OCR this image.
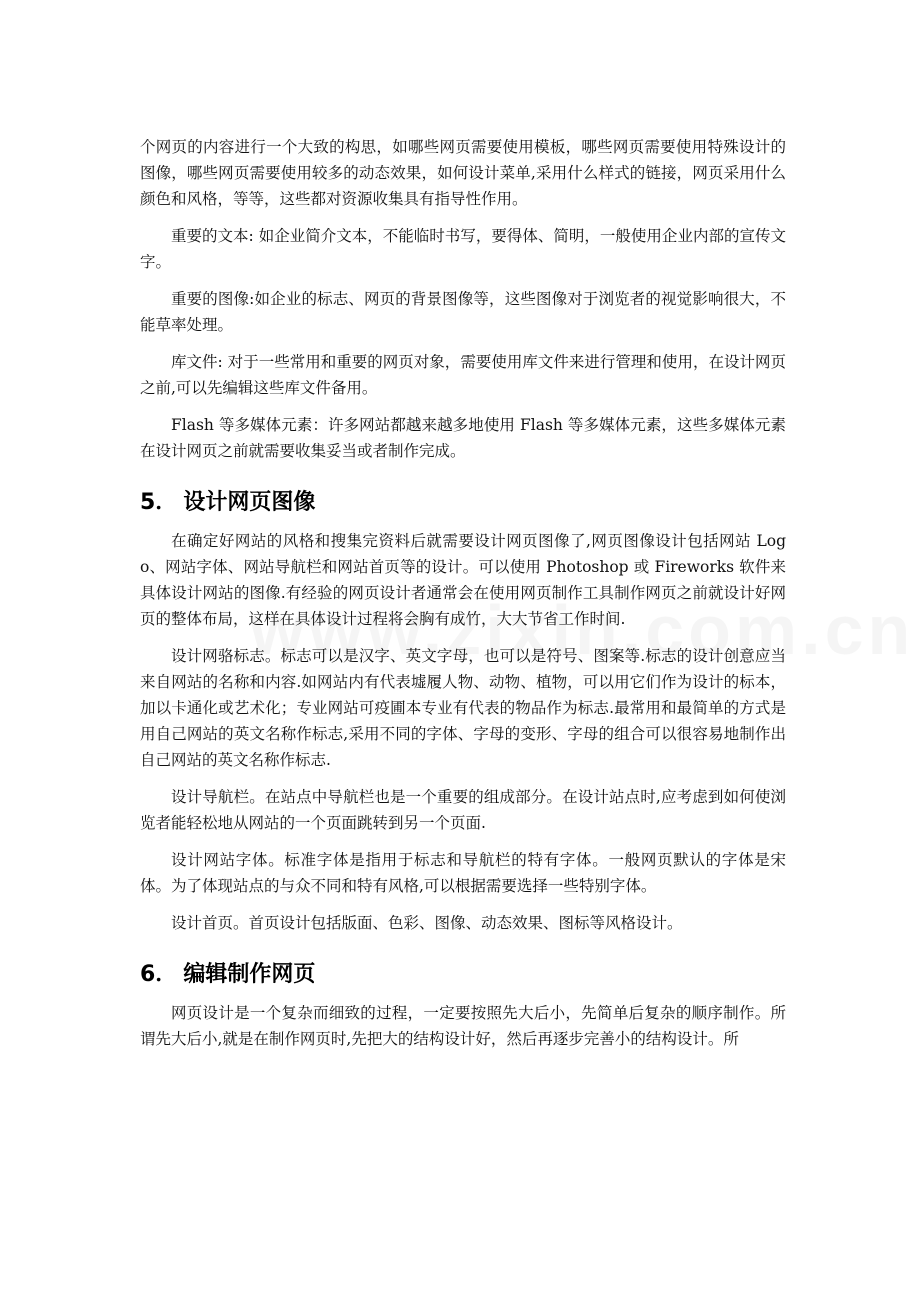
个网页的内容进行一个大致的构思，如哪些网页需要使用模板，哪些网页需要使用特殊设计的图像，哪些网页需要使用较多的动态效果，如何设计菜单,采用什么样式的链接，网页采用什么颜色和风格，等等，这些都对资源收集具有指导性作用。

重要的文本: 如企业简介文本，不能临时书写，要得体、简明，一般使用企业内部的宣传文字。

重要的图像:如企业的标志、网页的背景图像等，这些图像对于浏览者的视觉影响很大，不能草率处理。

库文件: 对于一些常用和重要的网页对象，需要使用库文件来进行管理和使用，在设计网页之前,可以先编辑这些库文件备用。

Flash 等多媒体元素：许多网站都越来越多地使用 Flash 等多媒体元素，这些多媒体元素在设计网页之前就需要收集妥当或者制作完成。

5． 设计网页图像

在确定好网站的风格和搜集完资料后就需要设计网页图像了,网页图像设计包括网站 Logo、网站字体、网站导航栏和网站首页等的设计。可以使用 Photoshop 或 Fireworks 软件来具体设计网站的图像.有经验的网页设计者通常会在使用网页制作工具制作网页之前就设计好网页的整体布局，这样在具体设计过程将会胸有成竹，大大节省工作时间.

设计网骆标志。标志可以是汉字、英文字母，也可以是符号、图案等.标志的设计创意应当来自网站的名称和内容.如网站内有代表墟履人物、动物、植物，可以用它们作为设计的标本，加以卡通化或艺术化；专业网站可疫圃本专业有代表的物品作为标志.最常用和最简单的方式是用自己网站的英文名称作标志,采用不同的字体、字母的变形、字母的组合可以很容易地制作出自己网站的英文名称作标志.

设计导航栏。在站点中导航栏也是一个重要的组成部分。在设计站点时,应考虑到如何使浏览者能轻松地从网站的一个页面跳转到另一个页面.

设计网站字体。标准字体是指用于标志和导航栏的特有字体。一般网页默认的字体是宋体。为了体现站点的与众不同和特有风格,可以根据需要选择一些特别字体。

设计首页。首页设计包括版面、色彩、图像、动态效果、图标等风格设计。

6． 编辑制作网页

网页设计是一个复杂而细致的过程，一定要按照先大后小，先简单后复杂的顺序制作。所谓先大后小,就是在制作网页时,先把大的结构设计好，然后再逐步完善小的结构设计。所
